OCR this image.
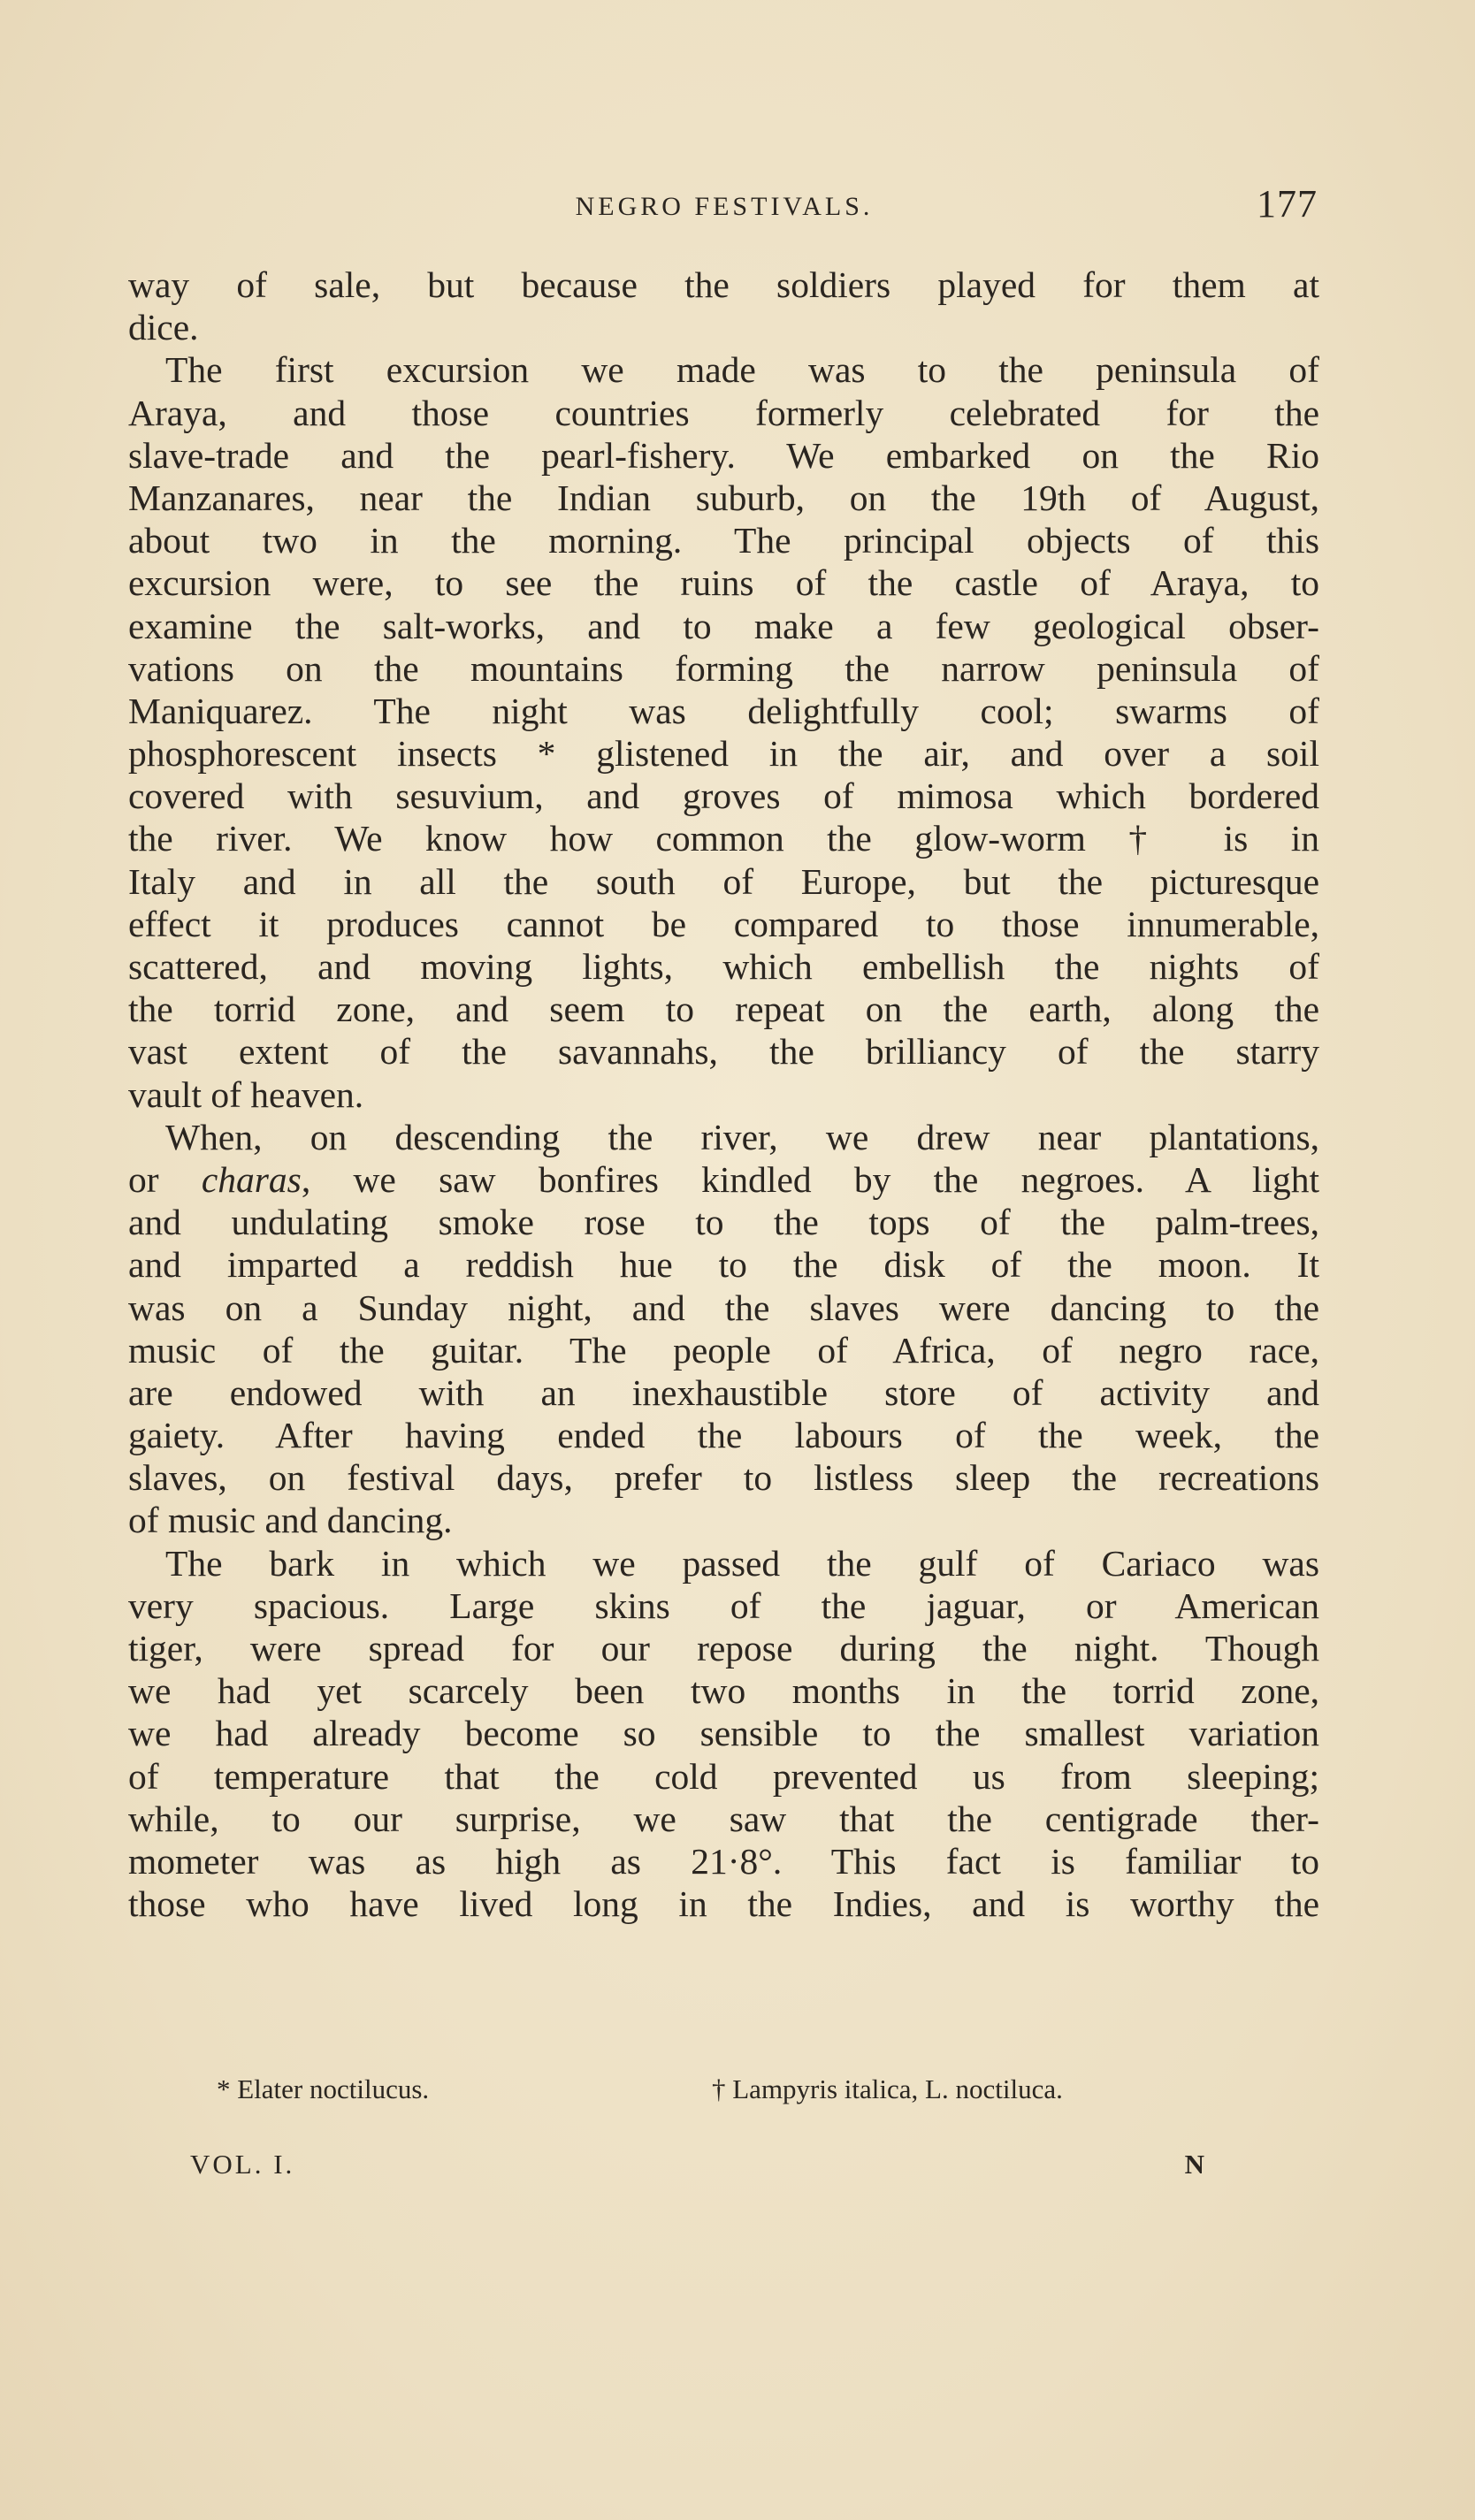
NEGRO FESTIVALS.	177
way of sale, but because the soldiers played for them at
dice.
The first excursion we made was to the peninsula of
Araya, and those countries formerly celebrated for the
slave-trade and the pearl-fishery. We embarked on the Rio
Manzanares, near the Indian suburb, on the 19th of August,
about two in the morning. The principal objects of this
excursion were, to see the ruins of the castle of Araya, to
examine the salt-works, and to make a few geological obser-
vations on the mountains forming the narrow peninsula of
Maniquarez. The night was delightfully cool; swarms of
phosphorescent insects * glistened in the air, and over a soil
covered with sesuvium, and groves of mimosa which bordered
the river. We know how common the glow-worm † is in
Italy and in all the south of Europe, but the picturesque
effect it produces cannot be compared to those innumerable,
scattered, and moving lights, which embellish the nights of
the torrid zone, and seem to repeat on the earth, along the
vast extent of the savannahs, the brilliancy of the starry
vault of heaven.
When, on descending the river, we drew near plantations,
or charas, we saw bonfires kindled by the negroes. A light
and undulating smoke rose to the tops of the palm-trees,
and imparted a reddish hue to the disk of the moon. It
was on a Sunday night, and the slaves were dancing to the
music of the guitar. The people of Africa, of negro race,
are endowed with an inexhaustible store of activity and
gaiety. After having ended the labours of the week, the
slaves, on festival days, prefer to listless sleep the recreations
of music and dancing.
The bark in which we passed the gulf of Cariaco was
very spacious. Large skins of the jaguar, or American
tiger, were spread for our repose during the night. Though
we had yet scarcely been two months in the torrid zone,
we had already become so sensible to the smallest variation
of temperature that the cold prevented us from sleeping;
while, to our surprise, we saw that the centigrade ther-
mometer was as high as 21·8°. This fact is familiar to
those who have lived long in the Indies, and is worthy the
* Elater noctilucus.	† Lampyris italica, L. noctiluca.
VOL. I.	N
